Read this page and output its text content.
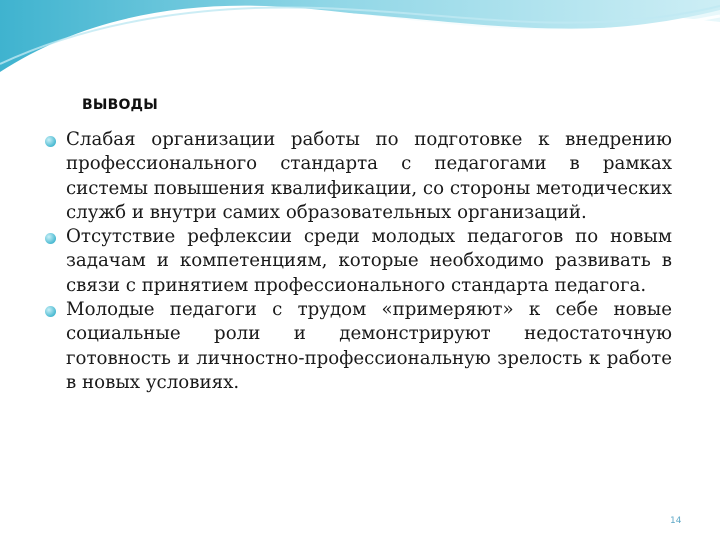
ВЫВОДЫ
Слабая организации работы по подготовке к внедрению профессионального стандарта с педагогами в рамках системы повышения квалификации, со стороны методических служб и внутри самих образовательных организаций.
Отсутствие рефлексии среди молодых педагогов по новым задачам и компетенциям, которые необходимо развивать в связи с принятием профессионального стандарта педагога.
Молодые педагоги с трудом «примеряют» к себе новые социальные роли и демонстрируют недостаточную готовность и личностно-профессиональную зрелость к работе в новых условиях.
14
